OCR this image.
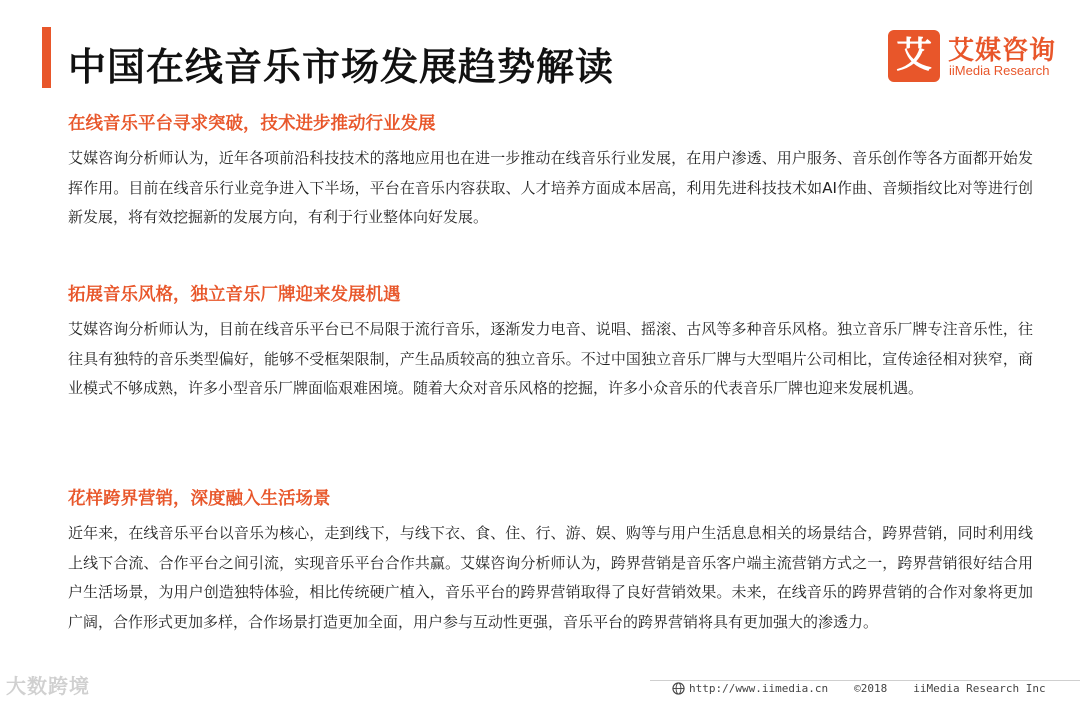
中国在线音乐市场发展趋势解读	艾 艾媒咨询
iiMedia Research
在线音乐平台寻求突破，技术进步推动行业发展
艾媒咨询分析师认为，近年各项前沿科技技术的落地应用也在进一步推动在线音乐行业发展，在用户渗透、用户服务、音乐创作等各方面都开始发挥作用。目前在线音乐行业竞争进入下半场，平台在音乐内容获取、人才培养方面成本居高，利用先进科技技术如AI作曲、音频指纹比对等进行创新发展，将有效挖掘新的发展方向，有利于行业整体向好发展。
拓展音乐风格，独立音乐厂牌迎来发展机遇
艾媒咨询分析师认为，目前在线音乐平台已不局限于流行音乐，逐渐发力电音、说唱、摇滚、古风等多种音乐风格。独立音乐厂牌专注音乐性，往往具有独特的音乐类型偏好，能够不受框架限制，产生品质较高的独立音乐。不过中国独立音乐厂牌与大型唱片公司相比，宣传途径相对狭窄，商业模式不够成熟，许多小型音乐厂牌面临艰难困境。随着大众对音乐风格的挖掘，许多小众音乐的代表音乐厂牌也迎来发展机遇。
花样跨界营销，深度融入生活场景
近年来，在线音乐平台以音乐为核心，走到线下，与线下衣、食、住、行、游、娱、购等与用户生活息息相关的场景结合，跨界营销，同时利用线上线下合流、合作平台之间引流，实现音乐平台合作共赢。艾媒咨询分析师认为，跨界营销是音乐客户端主流营销方式之一，跨界营销很好结合用户生活场景，为用户创造独特体验，相比传统硬广植入，音乐平台的跨界营销取得了良好营销效果。未来，在线音乐的跨界营销的合作对象将更加广阔，合作形式更加多样，合作场景打造更加全面，用户参与互动性更强，音乐平台的跨界营销将具有更加强大的渗透力。
http://www.iimedia.cn ©2018 iiMedia Research Inc
大数跨境
